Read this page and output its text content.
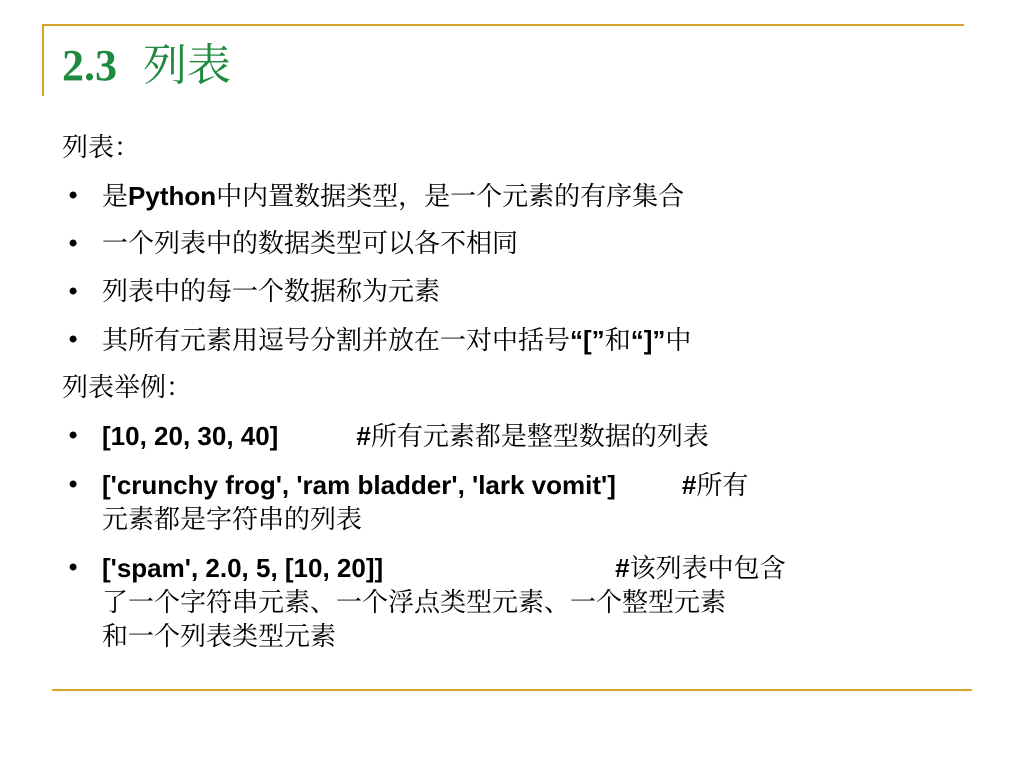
2.3 列表
列表：
• 是Python中内置数据类型，是一个元素的有序集合
• 一个列表中的数据类型可以各不相同
• 列表中的每一个数据称为元素
• 其所有元素用逗号分割并放在一对中括号“[”和“]”中
列表举例：
• [10, 20, 30, 40]	#所有元素都是整型数据的列表
• ['crunchy frog', 'ram bladder', 'lark vomit']	#所有
元素都是字符串的列表
• ['spam', 2.0, 5, [10, 20]]	#该列表中包含
了一个字符串元素、一个浮点类型元素、一个整型元素
和一个列表类型元素
